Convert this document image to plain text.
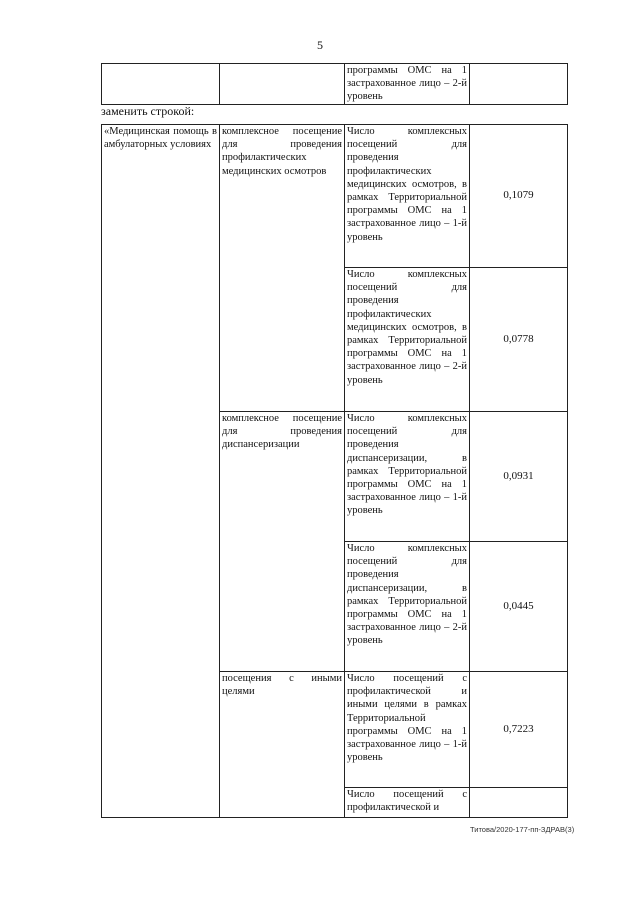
5
		программы ОМС на 1 застрахованное лицо – 2-й уровень	
заменить строкой:
«Медицинская помощь в амбулаторных условиях	комплексное посещение для проведения профилактических медицинских осмотров	Число комплексных посещений для проведения профилактических медицинских осмотров, в рамках Территориальной программы ОМС на 1 застрахованное лицо – 1-й уровень	0,1079
		Число комплексных посещений для проведения профилактических медицинских осмотров, в рамках Территориальной программы ОМС на 1 застрахованное лицо – 2-й уровень	0,0778
	комплексное посещение для проведения диспансеризации	Число комплексных посещений для проведения диспансеризации, в рамках Территориальной программы ОМС на 1 застрахованное лицо – 1-й уровень	0,0931
		Число комплексных посещений для проведения диспансеризации, в рамках Территориальной программы ОМС на 1 застрахованное лицо – 2-й уровень	0,0445
	посещения с иными целями	Число посещений с профилактической и иными целями в рамках Территориальной программы ОМС на 1 застрахованное лицо – 1-й уровень	0,7223
		Число посещений с профилактической и	
Титова/2020-177-пп-ЗДРАВ(3)
